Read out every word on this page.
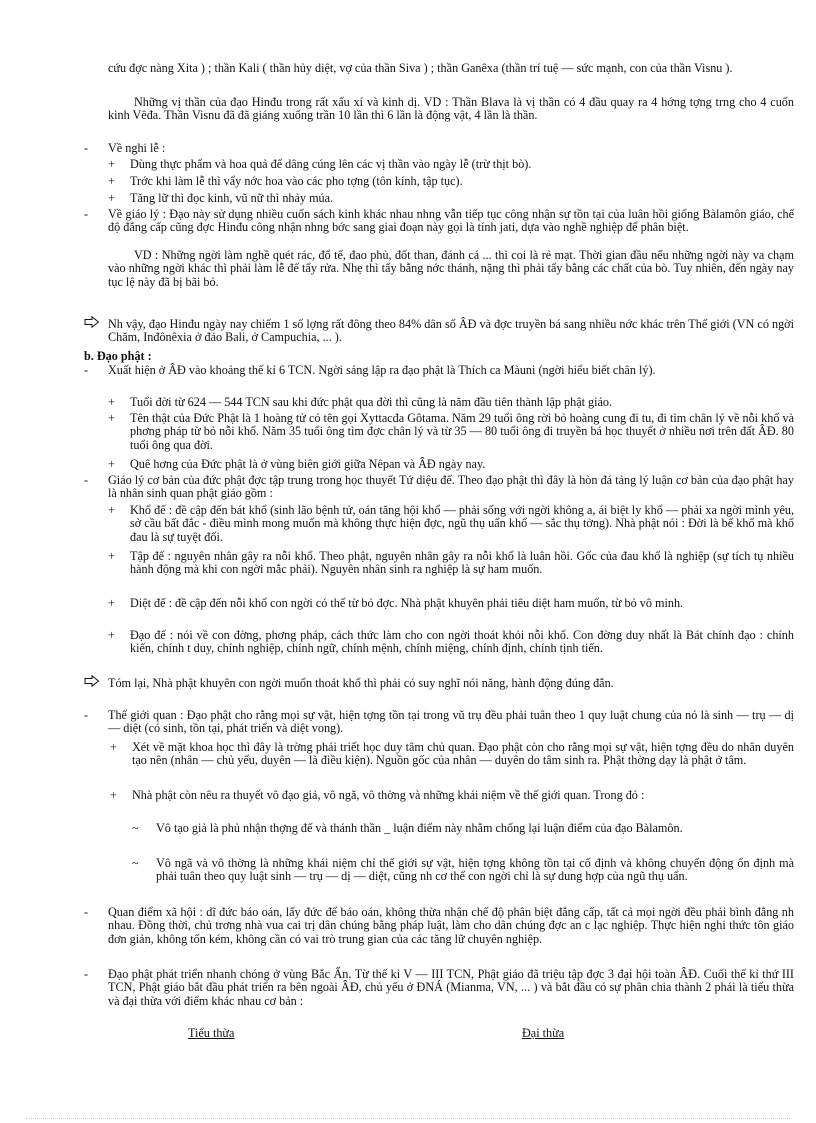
cứu đợc nàng Xita ) ; thần Kali ( thần hủy diệt, vợ của thần Siva ) ; thần Ganêxa (thần trí tuệ — sức mạnh, con của thần Visnu ).
Những vị thần của đạo Hinđu trong rất xấu xí và kinh dị. VD : Thần Blava là vị thần có 4 đầu quay ra 4 hớng tợng trng cho 4 cuốn kinh Vêđa. Thần Visnu đã đã giáng xuống trần 10 lần thì 6 lần là động vật, 4 lần là thần.
- Về nghi lễ :
+ Dùng thực phẩm và hoa quả để dâng cúng lên các vị thần vào ngày lễ (trừ thịt bò).
+ Trớc khi làm lễ thì vẩy nớc hoa vào các pho tợng (tôn kính, tập tục).
+ Tăng lữ thì đọc kinh, vũ nữ thì nhảy múa.
- Về giáo lý : Đạo này sử dụng nhiều cuốn sách kinh khác nhau nhng vẫn tiếp tục công nhận sự tồn tại của luân hồi giống Bàlamôn giáo, chế độ đẳng cấp cũng đợc Hinđu công nhận nhng bớc sang giai đoạn này gọi là tính jati, dựa vào nghề nghiệp để phân biệt.
VD : Những ngời làm nghề quét rác, đổ tế, đao phủ, đốt than, đánh cá ... thì coi là rẻ mạt. Thời gian đầu nếu những ngời này va chạm vào những ngời khác thì phải làm lễ để tẩy rửa. Nhẹ thì tẩy bằng nớc thánh, nặng thì phải tẩy bằng các chất của bò. Tuy nhiên, đến ngày nay tục lệ này đã bị bãi bỏ.
Nh vậy, đạo Hinđu ngày nay chiếm 1 số lợng rất đông theo 84% dân số ÂĐ và đợc truyền bá sang nhiều nớc khác trên Thế giới (VN có ngời Chăm, Inđônêxia ở đảo Bali, ở Campuchia, ... ).
b. Đạo phật :
- Xuất hiện ở ÂĐ vào khoảng thế kỉ 6 TCN. Ngời sáng lập ra đạo phật là Thích ca Màuni (ngời hiểu biết chân lý).
+ Tuổi đời từ 624 — 544 TCN sau khi đức phật qua đời thì cũng là năm đầu tiên thành lập phật giáo.
+ Tên thật của Đức Phật là 1 hoàng tử có tên gọi Xyttacđa Gôtama. Năm 29 tuổi ông rời bỏ hoàng cung đi tu, đi tìm chân lý về nỗi khổ và phơng pháp từ bỏ nỗi khổ. Năm 35 tuổi ông tìm đợc chân lý và từ 35 — 80 tuổi ông đi truyền bá học thuyết ở nhiều nơi trên đất ÂĐ. 80 tuổi ông qua đời.
+ Quê hơng của Đức phật là ở vùng biên giới giữa Nêpan và ÂĐ ngày nay.
- Giáo lý cơ bản của đức phật đợc tập trung trong học thuyết Tứ diệu đế. Theo đạo phật thì đây là hòn đá tảng lý luận cơ bản của đạo phật hay là nhân sinh quan phật giáo gồm :
+ Khổ đế : đề cập đến bát khổ (sinh lão bệnh tử, oán tăng hội khổ — phải sống với ngời không a, ái biệt ly khổ — phải xa ngời mình yêu, sở cầu bất đắc - điều mình mong muốn mà không thực hiện đợc, ngũ thụ uẩn khổ — sắc thụ tởng). Nhà phật nói : Đời là bể khổ mà khổ đau là sự tuyệt đối.
+ Tập đế : nguyên nhân gây ra nỗi khổ. Theo phật, nguyên nhân gây ra nỗi khổ là luân hồi. Gốc của đau khổ là nghiệp (sự tích tụ nhiều hành động mà khi con ngời mắc phải). Nguyên nhân sinh ra nghiệp là sự ham muốn.
+ Diệt đế : đề cập đến nỗi khổ con ngời có thể từ bỏ đợc. Nhà phật khuyên phải tiêu diệt ham muốn, từ bỏ vô minh.
+ Đạo đế : nói về con đờng, phơng pháp, cách thức làm cho con ngời thoát khỏi nỗi khổ. Con đờng duy nhất là Bát chính đạo : chính kiến, chính t duy, chính nghiệp, chính ngữ, chính mệnh, chính miệng, chính định, chính tịnh tiến.
Tóm lại, Nhà phật khuyên con ngời muốn thoát khổ thì phải có suy nghĩ nói năng, hành động đúng đắn.
- Thế giới quan : Đạo phật cho rằng mọi sự vật, hiện tợng tồn tại trong vũ trụ đều phải tuân theo 1 quy luật chung của nó là sinh — trụ — dị — diệt (có sinh, tồn tại, phát triển và diệt vong).
+ Xét về mặt khoa học thì đây là trờng phái triết học duy tâm chủ quan. Đạo phật còn cho rằng mọi sự vật, hiện tợng đều do nhân duyên tạo nên (nhân — chủ yếu, duyên — là điều kiện). Nguồn gốc của nhân — duyên do tâm sinh ra. Phật thờng dạy là phật ở tâm.
+ Nhà phật còn nêu ra thuyết vô đạo giả, vô ngã, vô thờng và những khái niệm về thế giới quan. Trong đó :
~ Vô tạo giả là phủ nhận thợng đế và thánh thần _ luận điểm này nhằm chống lại luận điểm của đạo Bàlamôn.
~ Vô ngã và vô thờng là những khái niệm chỉ thế giới sự vật, hiện tợng không tồn tại cố định và không chuyển động ổn định mà phải tuân theo quy luật sinh — trụ — dị — diệt, cũng nh cơ thể con ngời chỉ là sự dung hợp của ngũ thụ uẩn.
- Quan điểm xã hội : dĩ đức báo oán, lấy đức để báo oán, không thừa nhận chế độ phân biệt đẳng cấp, tất cả mọi ngời đều phải bình đẳng nh nhau. Đồng thời, chủ trơng nhà vua cai trị dân chúng bằng pháp luật, làm cho dân chúng đợc an c lạc nghiệp. Thực hiện nghi thức tôn giáo đơn giản, không tốn kém, không cần có vai trò trung gian của các tăng lữ chuyên nghiệp.
- Đạo phật phát triển nhanh chóng ở vùng Bắc Ấn. Từ thế kỉ V — III TCN, Phật giáo đã triệu tập đợc 3 đại hội toàn ÂĐ. Cuối thế kỉ thứ III TCN, Phật giáo bắt đầu phát triển ra bên ngoài ÂĐ, chủ yếu ở ĐNÁ (Mianma, VN, ... ) và bắt đầu có sự phân chia thành 2 phái là tiểu thừa và đại thừa với điểm khác nhau cơ bản :
Tiểu thừa	Đại thừa
